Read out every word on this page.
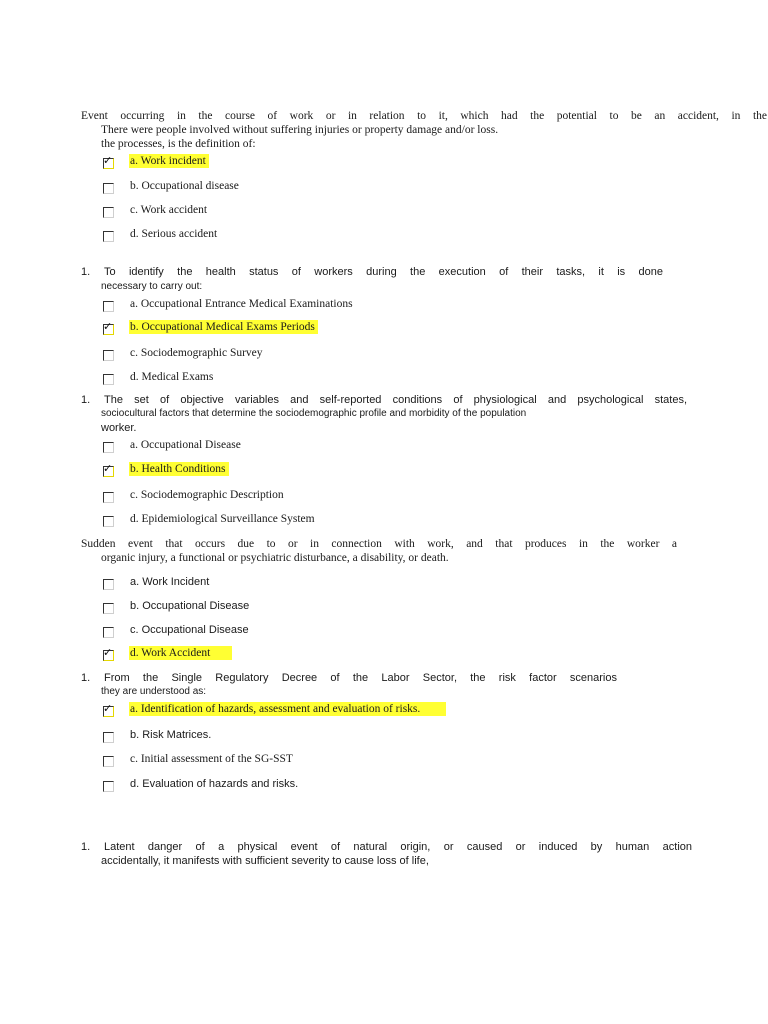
Event occurring in the course of work or in relation to it, which had the potential to be an accident, in the
There were people involved without suffering injuries or property damage and/or loss.
the processes, is the definition of:
✓ a. Work incident
b. Occupational disease
c. Work accident
d. Serious accident
1.	To identify the health status of workers during the execution of their tasks, it is done
necessary to carry out:
a. Occupational Entrance Medical Examinations
✓ b. Occupational Medical Exams Periods
c. Sociodemographic Survey
d. Medical Exams
1.	The set of objective variables and self-reported conditions of physiological and psychological states,
sociocultural factors that determine the sociodemographic profile and morbidity of the population
worker.
a. Occupational Disease
✓ b. Health Conditions
c. Sociodemographic Description
d. Epidemiological Surveillance System
Sudden event that occurs due to or in connection with work, and that produces in the worker a
organic injury, a functional or psychiatric disturbance, a disability, or death.
a. Work Incident
b. Occupational Disease
c. Occupational Disease
✓ d. Work Accident
1.	From the Single Regulatory Decree of the Labor Sector, the risk factor scenarios
they are understood as:
✓ a. Identification of hazards, assessment and evaluation of risks.
b. Risk Matrices.
c. Initial assessment of the SG-SST
d. Evaluation of hazards and risks.
1.	Latent danger of a physical event of natural origin, or caused or induced by human action
accidentally, it manifests with sufficient severity to cause loss of life,
